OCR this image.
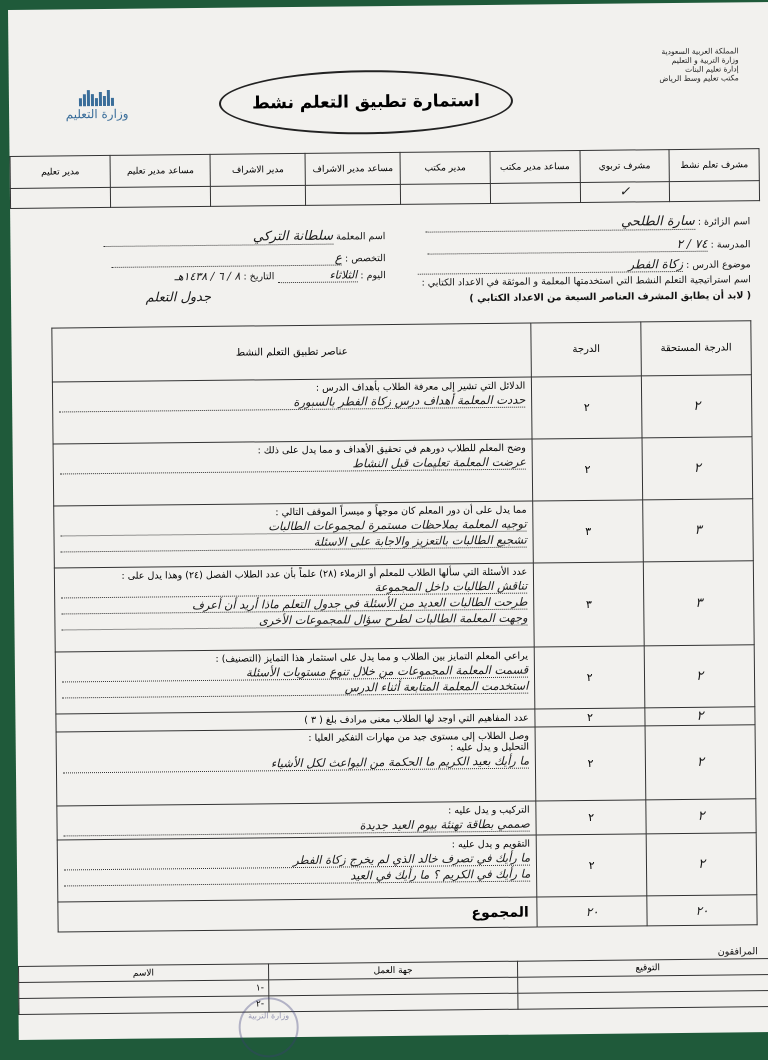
المملكة العربية السعودية
وزارة التربية و التعليم
إدارة تعليم البنات
مكتب تعليم وسط الرياض
استمارة تطبيق التعلم نشط
وزارة التعليم
مدير تعليم	مساعد مدير تعليم	مدير الاشراف	مساعد مدير الاشراف	مدير مكتب	مساعد مدير مكتب	مشرف تربوي	مشرف تعلم نشط
						✓	
اسم الزائرة : سارة الطلحي
اسم المعلمة سلطانة التركي
المدرسة : ٧٤ / ٢
التخصص : ع
موضوع الدرس : زكاة الفطر
اليوم : الثلاثاء التاريخ : ٨ / ٦ / ١٤٣٨هـ	اسم استراتيجية التعلم النشط التي استخدمتها المعلمة و الموثقة في الاعداد الكتابي :
جدول التعلم	( لابد أن يطابق المشرف العناصر السبعة من الاعداد الكتابي )
عناصر تطبيق التعلم النشط	الدرجة	الدرجة المستحقة

الدلائل التي تشير إلى معرفة الطلاب بأهداف الدرس :
حددت المعلمة أهداف درس زكاة الفطر بالسبورة	٢	٢

وضح المعلم للطلاب دورهم في تحقيق الأهداف و مما يدل على ذلك :
عرضت المعلمة تعليمات قبل النشاط	٢	٢

مما يدل على أن دور المعلم كان موجهاً و ميسراً الموقف التالي :
توجيه المعلمة بملاحظات مستمرة لمجموعات الطالبات
تشجيع الطالبات بالتعزيز والاجابة على الاسئلة	٣	٣

عدد الأسئلة التي سألها الطلاب للمعلم أو الزملاء (٢٨) علماً بأن عدد الطلاب الفصل (٢٤) وهذا يدل على :
تناقش الطالبات داخل المجموعة
طرحت الطالبات العديد من الأسئلة في جدول التعلم ماذا أريد أن أعرف
وجهت المعلمة الطالبات لطرح سؤال للمجموعات الأخرى	٣	٣

يراعي المعلم التمايز بين الطلاب و مما يدل على استثمار هذا التمايز (التصنيف) :
قسمت المعلمة المجموعات من خلال تنوع مستويات الأسئلة
استخدمت المعلمة المتابعة أثناء الدرس	٢	٢

عدد المفاهيم التي اوجد لها الطلاب معنى مرادف بلغ ( ٣ )	٢	٢

وصل الطلاب إلى مستوى جيد من مهارات التفكير العليا :
التحليل و يدل عليه :
ما رأيك بعيد الكريم ما الحكمة من البواعث لكل الأشياء	٢	٢

التركيب و يدل عليه :
صممي بطاقة تهنئة بيوم العيد جديدة	٢	٢

التقويم و يدل عليه :
ما رأيك في تصرف خالد الذي لم يخرج زكاة الفطر
ما رأيك في الكريم ؟ ما رأيك في العيد	٢	٢
المجموع	٢٠	٢٠
المرافقون
الاسم	جهة العمل	التوقيع
-١		
-٢		
وزارة التربية
